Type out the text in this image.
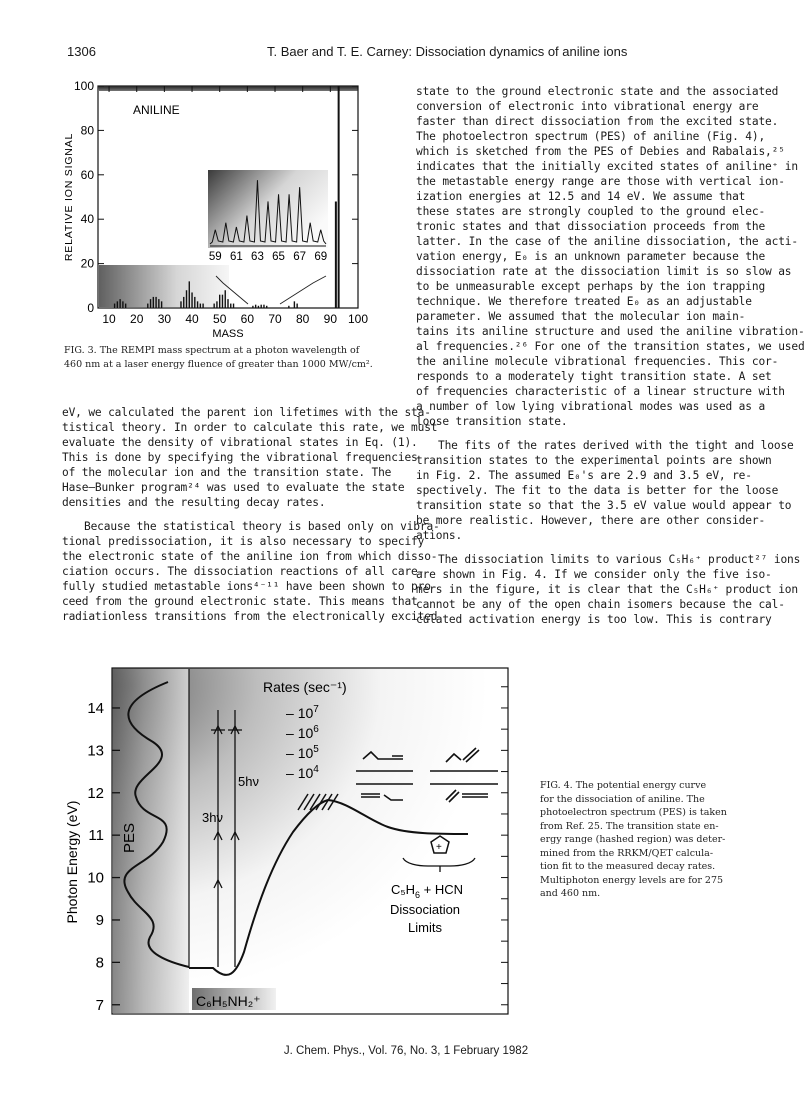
1306	T. Baer and T. E. Carney: Dissociation dynamics of aniline ions
0
20
40
60
80
100
10 20 30 40 50 60 70 80 90 100
59 61 63 65 67 69
ANILINE
RELATIVE ION SIGNAL
MASS
FIG. 3. The REMPI mass spectrum at a photon wavelength of
460 nm at a laser energy fluence of greater than 1000 MW/cm².

eV, we calculated the parent ion lifetimes with the sta-

tistical theory. In order to calculate this rate, we must

evaluate the density of vibrational states in Eq. (1).

This is done by specifying the vibrational frequencies

of the molecular ion and the transition state. The

Hase–Bunker program²⁴ was used to evaluate the state

densities and the resulting decay rates.

Because the statistical theory is based only on vibra-

tional predissociation, it is also necessary to specify

the electronic state of the aniline ion from which disso-

ciation occurs. The dissociation reactions of all care-

fully studied metastable ions⁴⁻¹¹ have been shown to pro-

ceed from the ground electronic state. This means that

radiationless transitions from the electronically excited

state to the ground electronic state and the associated

conversion of electronic into vibrational energy are

faster than direct dissociation from the excited state.

The photoelectron spectrum (PES) of aniline (Fig. 4),

which is sketched from the PES of Debies and Rabalais,²⁵

indicates that the initially excited states of aniline⁺ in

the metastable energy range are those with vertical ion-

ization energies at 12.5 and 14 eV. We assume that

these states are strongly coupled to the ground elec-

tronic states and that dissociation proceeds from the

latter. In the case of the aniline dissociation, the acti-

vation energy, E₀ is an unknown parameter because the

dissociation rate at the dissociation limit is so slow as

to be unmeasurable except perhaps by the ion trapping

technique. We therefore treated E₀ as an adjustable

parameter. We assumed that the molecular ion main-

tains its aniline structure and used the aniline vibration-

al frequencies.²⁶ For one of the transition states, we used

the aniline molecule vibrational frequencies. This cor-

responds to a moderately tight transition state. A set

of frequencies characteristic of a linear structure with

a number of low lying vibrational modes was used as a

loose transition state.

The fits of the rates derived with the tight and loose

transition states to the experimental points are shown

in Fig. 2. The assumed E₀'s are 2.9 and 3.5 eV, re-

spectively. The fit to the data is better for the loose

transition state so that the 3.5 eV value would appear to

be more realistic. However, there are other consider-

ations.

The dissociation limits to various C₅H₆⁺ product²⁷ ions

are shown in Fig. 4. If we consider only the five iso-

mers in the figure, it is clear that the C₅H₆⁺ product ion

cannot be any of the open chain isomers because the cal-

culated activation energy is too low. This is contrary

7
8
9
10
11
12
13
14
PES
Photon Energy (eV)
5hν
3hν
Rates (sec⁻¹)
– $10^7$
– $10^6$
– $10^5$
– $10^4$
+
$C_5H_6$ + HCN
Dissociation
Limits
C₆H₅NH₂⁺
FIG. 4. The potential energy curve
for the dissociation of aniline. The
photoelectron spectrum (PES) is taken
from Ref. 25. The transition state en-
ergy range (hashed region) was deter-
mined from the RRKM/QET calcula-
tion fit to the measured decay rates.
Multiphoton energy levels are for 275
and 460 nm.
J. Chem. Phys., Vol. 76, No. 3, 1 February 1982
